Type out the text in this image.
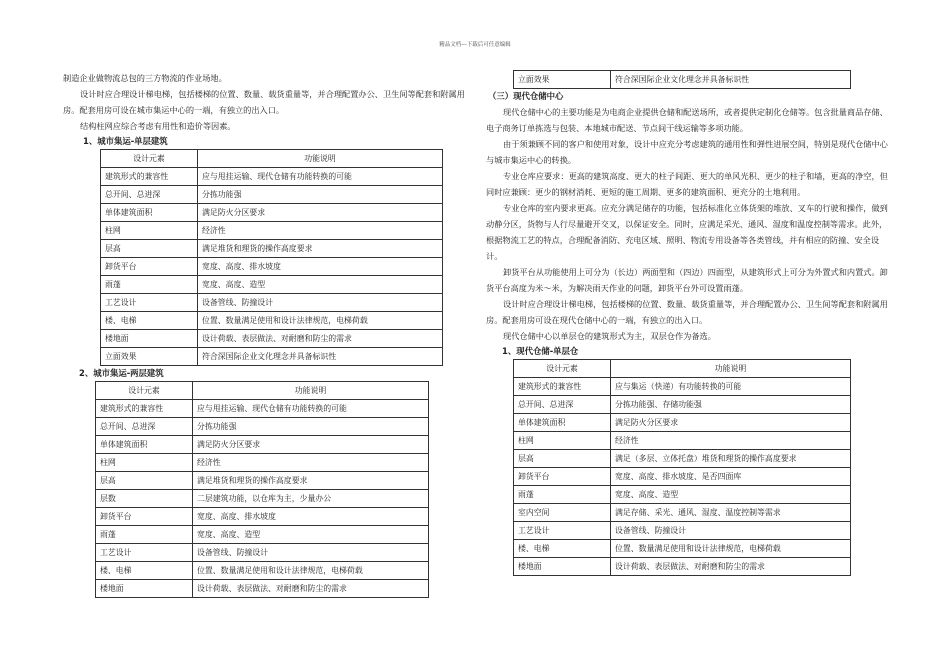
精品文档---下载后可任意编辑

制造企业做物流总包的三方物流的作业场地。

设计时应合理设计梯电梯，包括楼梯的位置、数量、载货重量等，并合理配置办公、卫生间等配套和附属用房。配套用房可设在城市集运中心的一端，有独立的出入口。

结构柱网应综合考虑有用性和造价等因素。

1、城市集运-单层建筑

设计元素	功能说明
建筑形式的兼容性	应与甩挂运输、现代仓储有功能转换的可能
总开间、总进深	分拣功能强
单体建筑面积	满足防火分区要求
柱网	经济性
层高	满足堆货和理货的操作高度要求
卸货平台	宽度、高度、排水坡度
雨蓬	宽度、高度、造型
工艺设计	设备管线、防撞设计
楼、电梯	位置、数量满足使用和设计法律规范，电梯荷载
楼地面	设计荷载、表层做法、对耐磨和防尘的需求
立面效果	符合深国际企业文化理念并具备标识性

2、城市集运-两层建筑

设计元素	功能说明
建筑形式的兼容性	应与甩挂运输、现代仓储有功能转换的可能
总开间、总进深	分拣功能强
单体建筑面积	满足防火分区要求
柱网	经济性
层高	满足堆货和理货的操作高度要求
层数	二层建筑功能，以仓库为主，少量办公
卸货平台	宽度、高度、排水坡度
雨蓬	宽度、高度、造型
工艺设计	设备管线、防撞设计
楼、电梯	位置、数量满足使用和设计法律规范，电梯荷载
楼地面	设计荷载、表层做法、对耐磨和防尘的需求
立面效果	符合深国际企业文化理念并具备标识性

（三）现代仓储中心

现代仓储中心的主要功能是为电商企业提供仓储和配送场所，或者提供定制化仓储等。包含批量商品存储、电子商务订单拣选与包装、本地城市配送、节点间干线运输等多项功能。

由于须兼顾不同的客户和使用对象，设计中应充分考虑建筑的通用性和弹性进展空间，特别是现代仓储中心与城市集运中心的转换。

专业仓库应要求：更高的建筑高度、更大的柱子间距、更大的单风光积、更少的柱子和墙，更高的净空，但同时应兼顾：更少的钢材消耗、更短的施工周期、更多的建筑面积、更充分的土地利用。

专业仓库的室内要求更高。应充分满足储存的功能，包括标准化立体货架的堆放、叉车的行驶和操作，做到动静分区，货物与人行尽量避开交叉，以保证安全。同时，应满足采光、通风、湿度和温度控制等需求。此外，根据物流工艺的特点，合理配备消防、充电区域、照明、物流专用设备等各类管线，并有相应的防撞、安全设计。

卸货平台从功能使用上可分为（长边）两面型和（四边）四面型，从建筑形式上可分为外置式和内置式。卸货平台高度为米～米，为解决雨天作业的问题，卸货平台外可设置雨蓬。

设计时应合理设计梯电梯，包括楼梯的位置、数量、载货重量等，并合理配置办公、卫生间等配套和附属用房。配套用房可设在现代仓储中心的一端，有独立的出入口。

现代仓储中心以单层仓的建筑形式为主，双层仓作为备选。

1、现代仓储-单层仓

设计元素	功能说明
建筑形式的兼容性	应与集运（快递）有功能转换的可能
总开间、总进深	分拣功能强、存储功能强
单体建筑面积	满足防火分区要求
柱网	经济性
层高	满足（多层、立体托盘）堆货和理货的操作高度要求
卸货平台	宽度、高度、排水坡度、是否四面库
雨蓬	宽度、高度、造型
室内空间	满足存储、采光、通风、湿度、温度控制等需求
工艺设计	设备管线、防撞设计
楼、电梯	位置、数量满足使用和设计法律规范，电梯荷载
楼地面	设计荷载、表层做法、对耐磨和防尘的需求
